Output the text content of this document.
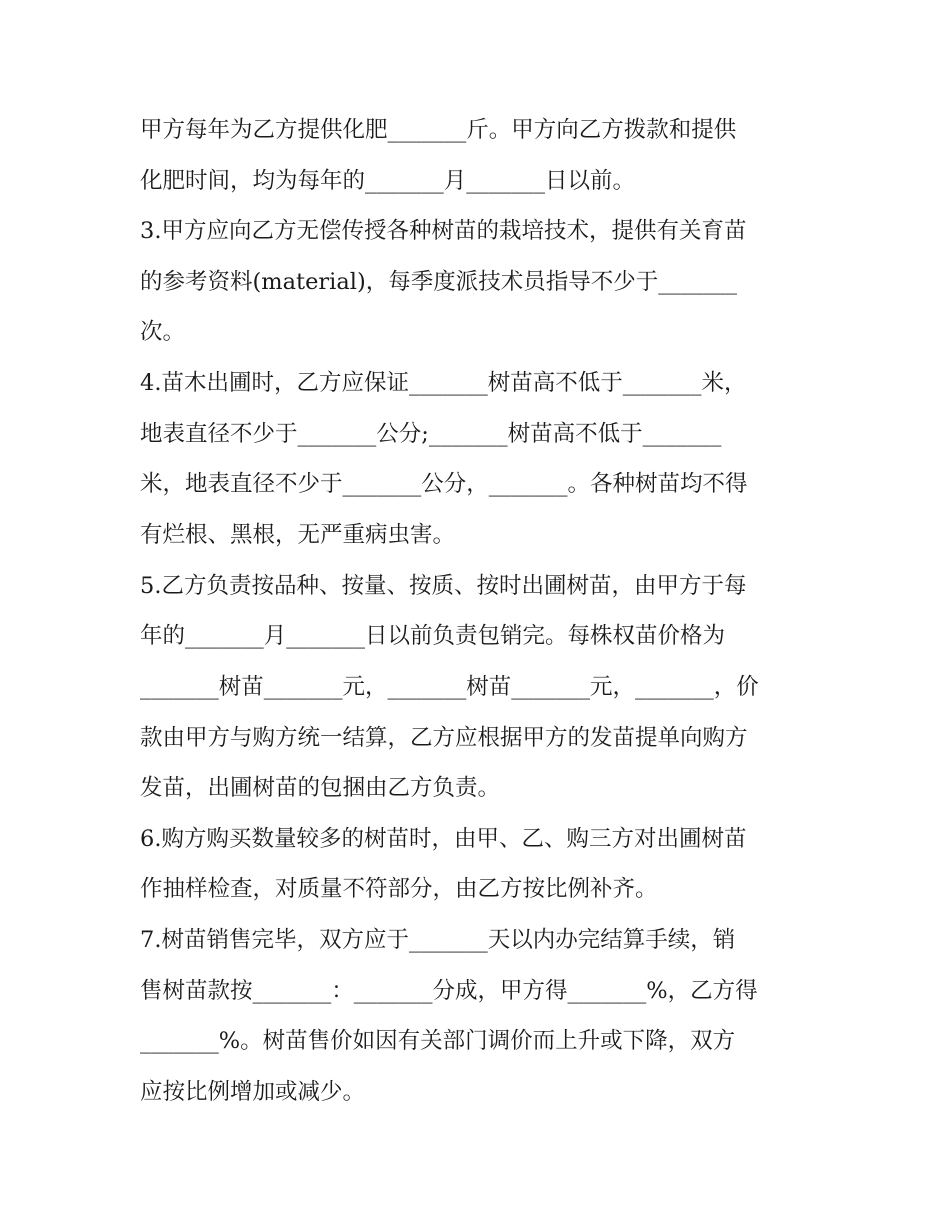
甲方每年为乙方提供化肥_______斤。甲方向乙方拨款和提供
化肥时间，均为每年的_______月_______日以前。
3.甲方应向乙方无偿传授各种树苗的栽培技术，提供有关育苗
的参考资料(material)，每季度派技术员指导不少于_______
次。
4.苗木出圃时，乙方应保证_______树苗高不低于_______米，
地表直径不少于_______公分;_______树苗高不低于_______
米，地表直径不少于_______公分，_______。各种树苗均不得
有烂根、黑根，无严重病虫害。
5.乙方负责按品种、按量、按质、按时出圃树苗，由甲方于每
年的_______月_______日以前负责包销完。每株权苗价格为
_______树苗_______元，_______树苗_______元，_______，价
款由甲方与购方统一结算，乙方应根据甲方的发苗提单向购方
发苗，出圃树苗的包捆由乙方负责。
6.购方购买数量较多的树苗时，由甲、乙、购三方对出圃树苗
作抽样检查，对质量不符部分，由乙方按比例补齐。
7.树苗销售完毕，双方应于_______天以内办完结算手续，销
售树苗款按_______：_______分成，甲方得_______%，乙方得
_______%。树苗售价如因有关部门调价而上升或下降，双方
应按比例增加或减少。
